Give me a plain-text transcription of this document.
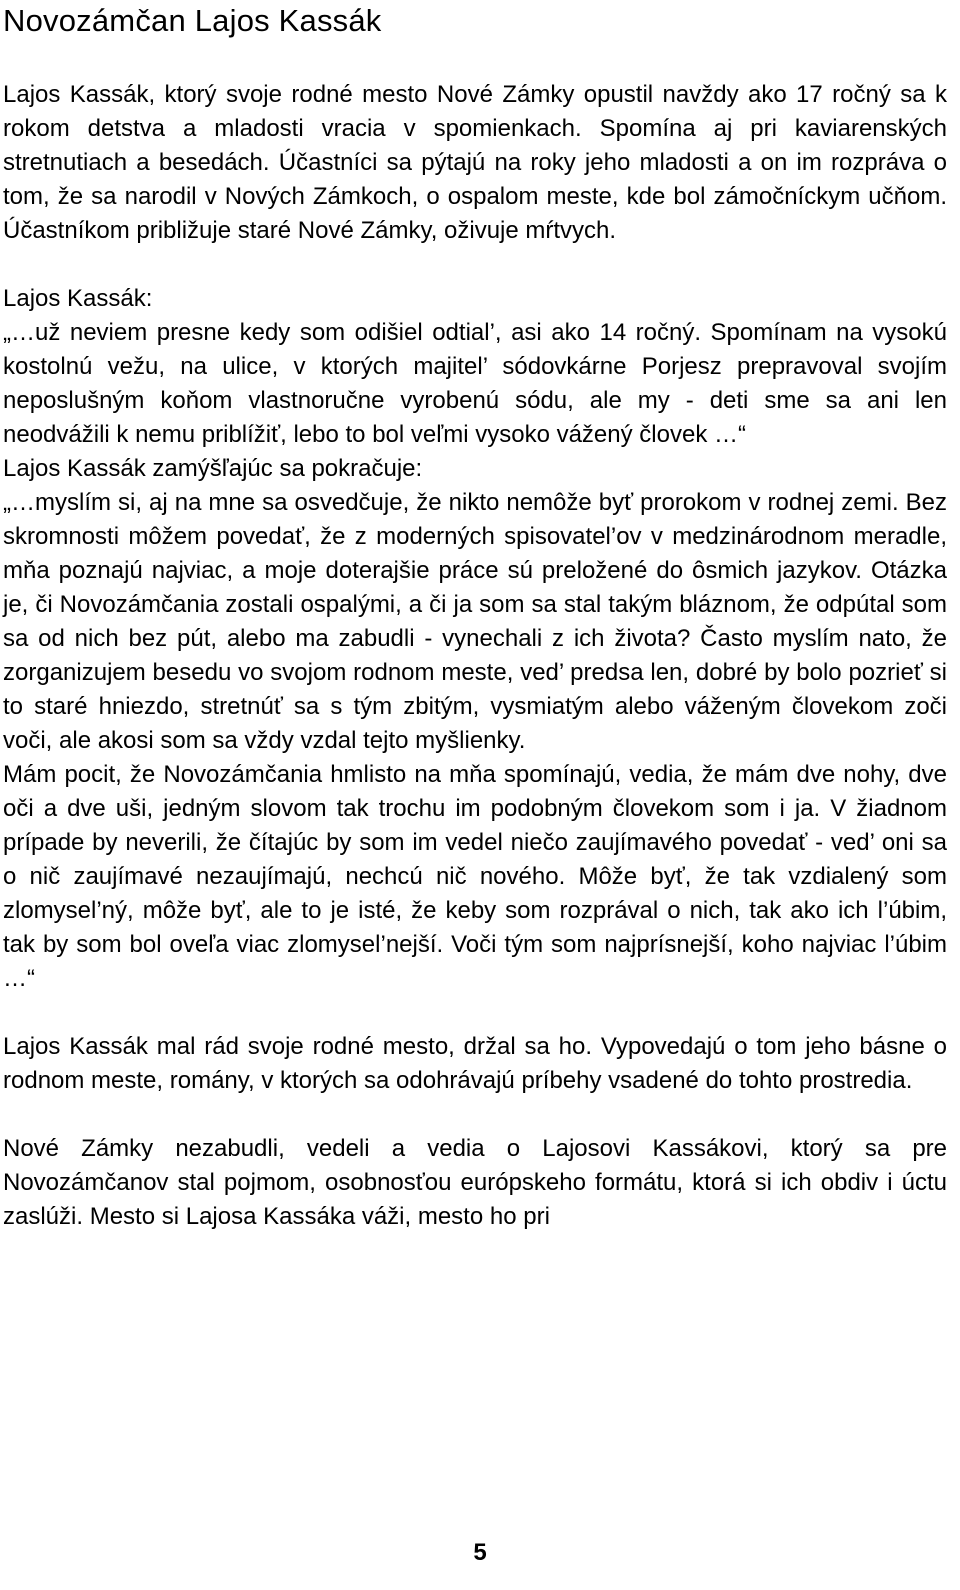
Novozámčan Lajos Kassák

Lajos Kassák, ktorý svoje rodné mesto Nové Zámky opustil navždy ako 17 ročný sa k rokom detstva a mladosti vracia v spomienkach. Spomína aj pri kaviarenských stretnutiach a besedách. Účastníci sa pýtajú na roky jeho mladosti a on im rozpráva o tom, že sa narodil v Nových Zámkoch, o ospalom meste, kde bol zámočníckym učňom. Účastníkom približuje staré Nové Zámky, oživuje mŕtvych.

Lajos Kassák:

„…už neviem presne kedy som odišiel odtial’, asi ako 14 ročný. Spomínam na vysokú kostolnú vežu, na ulice, v ktorých majitel’ sódovkárne Porjesz prepravoval svojím neposlušným koňom vlastnoručne vyrobenú sódu, ale my - deti sme sa ani len neodvážili k nemu priblížiť, lebo to bol veľmi vysoko vážený človek …“

Lajos Kassák zamýšľajúc sa pokračuje:

„…myslím si, aj na mne sa osvedčuje, že nikto nemôže byť prorokom v rodnej zemi. Bez skromnosti môžem povedať, že z moderných spisovatel’ov v medzinárodnom meradle, mňa poznajú najviac, a moje doterajšie práce sú preložené do ôsmich jazykov. Otázka je, či Novozámčania zostali ospalými, a či ja som sa stal takým bláznom, že odpútal som sa od nich bez pút, alebo ma zabudli - vynechali z ich života? Často myslím nato, že zorganizujem besedu vo svojom rodnom meste, ved’ predsa len, dobré by bolo pozrieť si to staré hniezdo, stretnúť sa s tým zbitým, vysmiatým alebo váženým človekom zoči voči, ale akosi som sa vždy vzdal tejto myšlienky.

Mám pocit, že Novozámčania hmlisto na mňa spomínajú, vedia, že mám dve nohy, dve oči a dve uši, jedným slovom tak trochu im podobným človekom som i ja. V žiadnom prípade by neverili, že čítajúc by som im vedel niečo zaujímavého povedať - ved’ oni sa o nič zaujímavé nezaujímajú, nechcú nič nového. Môže byť, že tak vzdialený som zlomysel’ný, môže byť, ale to je isté, že keby som rozprával o nich, tak ako ich l’úbim, tak by som bol oveľa viac zlomysel’nejší. Voči tým som najprísnejší, koho najviac l’úbim …“

Lajos Kassák mal rád svoje rodné mesto, držal sa ho. Vypovedajú o tom jeho básne o rodnom meste, romány, v ktorých sa odohrávajú príbehy vsadené do tohto prostredia.

Nové Zámky nezabudli, vedeli a vedia o Lajosovi Kassákovi, ktorý sa pre Novozámčanov stal pojmom, osobnosťou európskeho formátu, ktorá si ich obdiv i úctu zaslúži. Mesto si Lajosa Kassáka váži, mesto ho pri

5
